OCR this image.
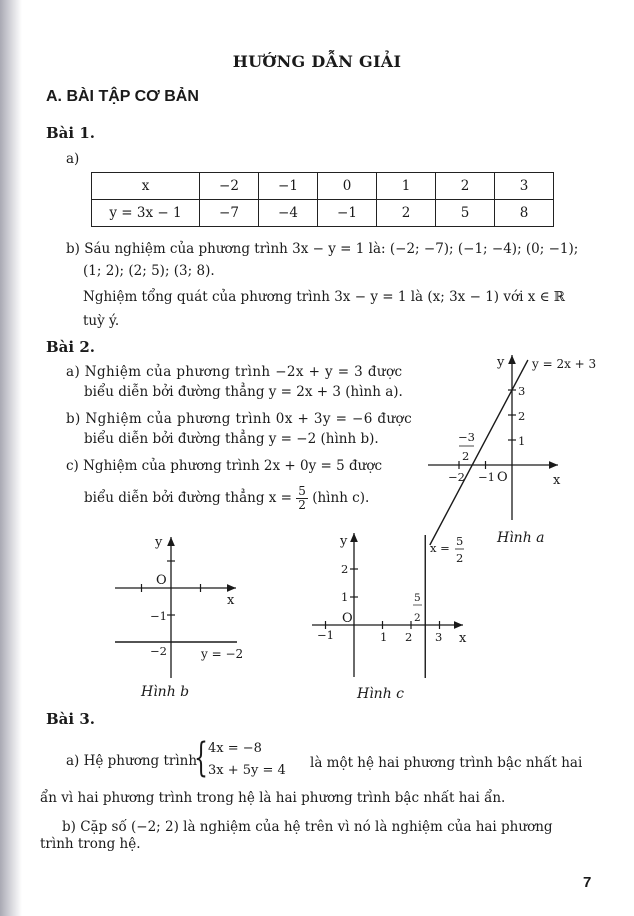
HƯỚNG DẪN GIẢI
A. BÀI TẬP CƠ BẢN
Bài 1.
a)
x	−2	−1	0	1	2	3
y = 3x − 1	−7	−4	−1	2	5	8
b) Sáu nghiệm của phương trình 3x − y = 1 là: (−2; −7); (−1; −4); (0; −1);
(1; 2); (2; 5); (3; 8).
Nghiệm tổng quát của phương trình 3x − y = 1 là (x; 3x − 1) với x ∈ ℝ
tuỳ ý.
Bài 2.
a) Nghiệm của phương trình −2x + y = 3 được
biểu diễn bởi đường thẳng y = 2x + 3 (hình a).
b) Nghiệm của phương trình 0x + 3y = −6 được
biểu diễn bởi đường thẳng y = −2 (hình b).
c) Nghiệm của phương trình 2x + 0y = 5 được
biểu diễn bởi đường thẳng $x = \frac{5}{2}$ (hình c).
y
x
O
y = 2x + 3
−2 −1
1
2
3
−3
2
Hình a
y
x
O
−1
−2	y = −2
Hình b
y
x
O
−1	1 2 3
1
2
5
2
x = 5
2
Hình c
Bài 3.
a) Hệ phương trình
{ 4x = −8
3x + 5y = 4 là một hệ hai phương trình bậc nhất hai
ẩn vì hai phương trình trong hệ là hai phương trình bậc nhất hai ẩn.
b) Cặp số (−2; 2) là nghiệm của hệ trên vì nó là nghiệm của hai phương
trình trong hệ.
7
